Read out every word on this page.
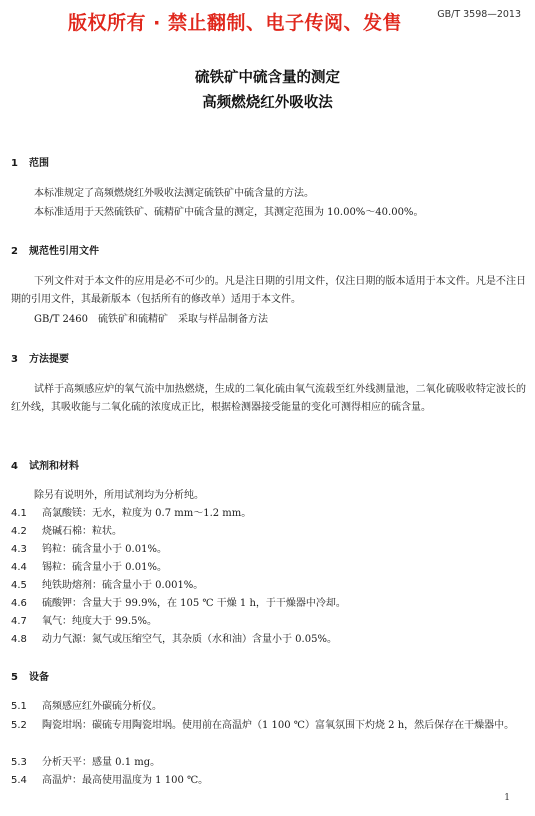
GB/T 3598—2013
版权所有 · 禁止翻制、电子传阅、发售
硫铁矿中硫含量的测定
高频燃烧红外吸收法
1 范围
本标准规定了高频燃烧红外吸收法测定硫铁矿中硫含量的方法。
本标准适用于天然硫铁矿、硫精矿中硫含量的测定，其测定范围为 10.00%～40.00%。
2 规范性引用文件
下列文件对于本文件的应用是必不可少的。凡是注日期的引用文件，仅注日期的版本适用于本文件。凡是不注日期的引用文件，其最新版本（包括所有的修改单）适用于本文件。
GB/T 2460　硫铁矿和硫精矿　采取与样品制备方法
3 方法提要
试样于高频感应炉的氧气流中加热燃烧，生成的二氧化硫由氧气流载至红外线测量池，二氧化硫吸收特定波长的红外线，其吸收能与二氧化硫的浓度成正比，根据检测器接受能量的变化可测得相应的硫含量。
4 试剂和材料
除另有说明外，所用试剂均为分析纯。
4.1 高氯酸镁：无水，粒度为 0.7 mm～1.2 mm。
4.2 烧碱石棉：粒状。
4.3 钨粒：硫含量小于 0.01%。
4.4 锡粒：硫含量小于 0.01%。
4.5 纯铁助熔剂：硫含量小于 0.001%。
4.6 硫酸钾：含量大于 99.9%，在 105 ℃ 干燥 1 h，于干燥器中冷却。
4.7 氧气：纯度大于 99.5%。
4.8 动力气源：氮气或压缩空气，其杂质（水和油）含量小于 0.05%。
5 设备
5.1 高频感应红外碳硫分析仪。
5.2 陶瓷坩埚：碳硫专用陶瓷坩埚。使用前在高温炉（1 100 ℃）富氧氛围下灼烧 2 h，然后保存在干燥器中。
5.3 分析天平：感量 0.1 mg。
5.4 高温炉：最高使用温度为 1 100 ℃。
1
